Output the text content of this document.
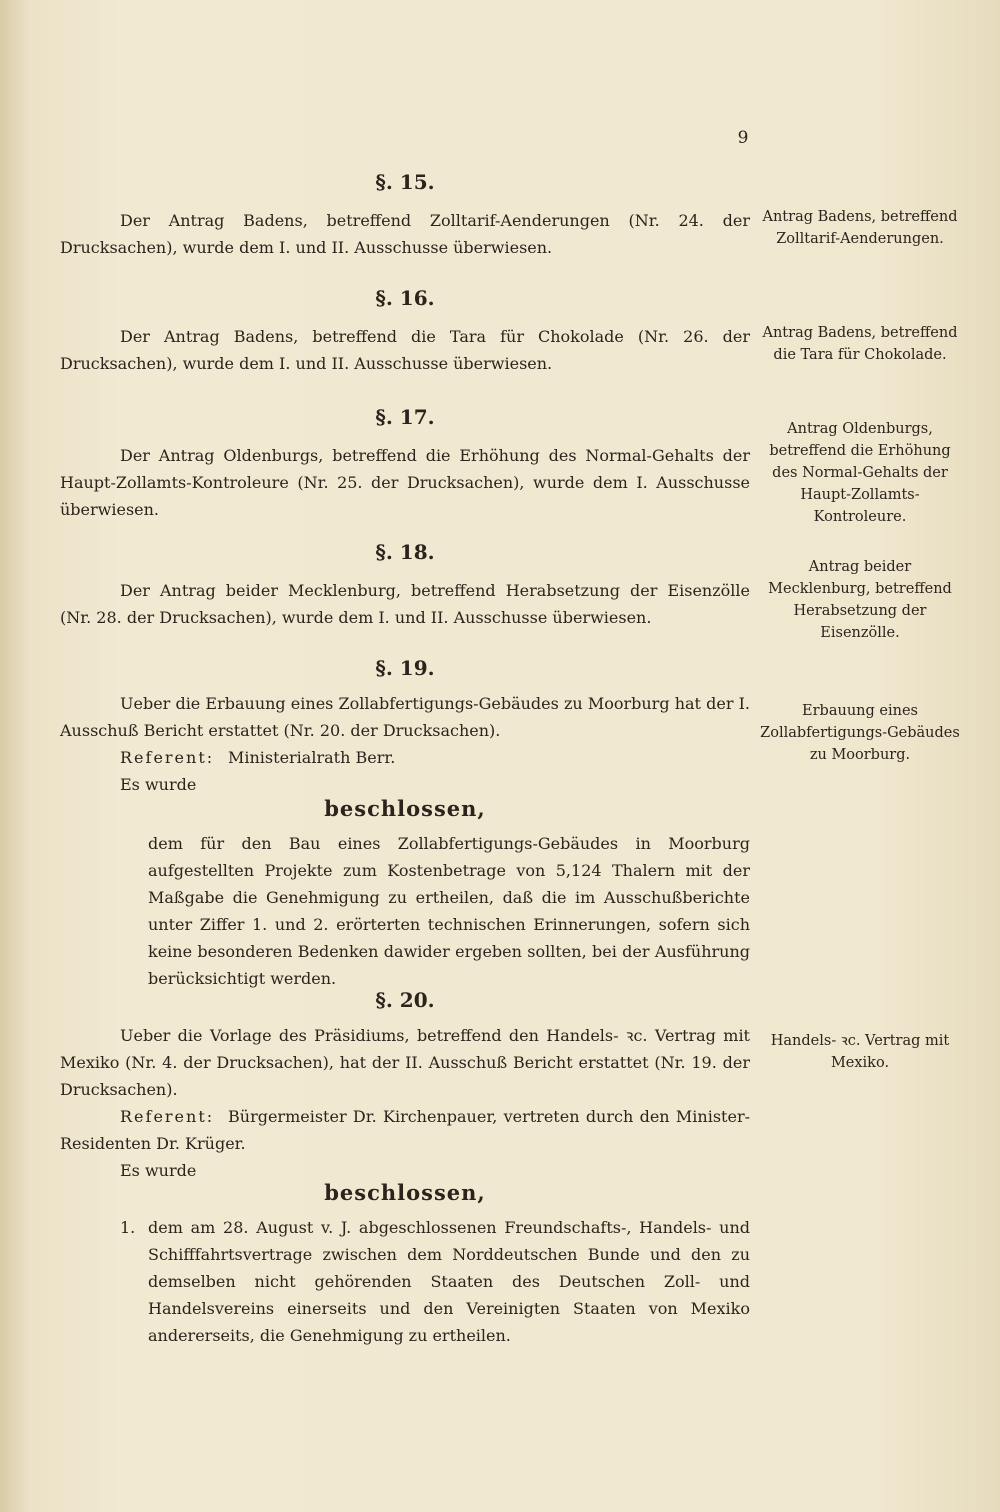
9
§. 15.
Der Antrag Badens, betreffend Zolltarif-Aenderungen (Nr. 24. der Drucksachen), wurde dem I. und II. Ausschusse überwiesen.
Antrag Badens, betreffend Zolltarif-Aenderungen.
§. 16.
Der Antrag Badens, betreffend die Tara für Chokolade (Nr. 26. der Drucksachen), wurde dem I. und II. Ausschusse überwiesen.
Antrag Badens, betreffend die Tara für Chokolade.
§. 17.
Der Antrag Oldenburgs, betreffend die Erhöhung des Normal-Gehalts der Haupt-Zollamts-Kontroleure (Nr. 25. der Drucksachen), wurde dem I. Ausschusse überwiesen.
Antrag Oldenburgs, betreffend die Erhöhung des Normal-Gehalts der Haupt-Zollamts-Kontroleure.
§. 18.
Der Antrag beider Mecklenburg, betreffend Herabsetzung der Eisenzölle (Nr. 28. der Drucksachen), wurde dem I. und II. Ausschusse überwiesen.
Antrag beider Mecklenburg, betreffend Herabsetzung der Eisenzölle.
§. 19.
Ueber die Erbauung eines Zollabfertigungs-Gebäudes zu Moorburg hat der I. Ausschuß Bericht erstattet (Nr. 20. der Drucksachen).
Referent: Ministerialrath Berr.
Es wurde
beschlossen,
dem für den Bau eines Zollabfertigungs-Gebäudes in Moorburg aufgestellten Projekte zum Kostenbetrage von 5,124 Thalern mit der Maßgabe die Genehmigung zu ertheilen, daß die im Ausschußberichte unter Ziffer 1. und 2. erörterten technischen Erinnerungen, sofern sich keine besonderen Bedenken dawider ergeben sollten, bei der Ausführung berücksichtigt werden.
Erbauung eines Zollabfertigungs-Gebäudes zu Moorburg.
§. 20.
Ueber die Vorlage des Präsidiums, betreffend den Handels- ꝛc. Vertrag mit Mexiko (Nr. 4. der Drucksachen), hat der II. Ausschuß Bericht erstattet (Nr. 19. der Drucksachen).
Referent: Bürgermeister Dr. Kirchenpauer, vertreten durch den Minister-Residenten Dr. Krüger.
Es wurde
beschlossen,
1. dem am 28. August v. J. abgeschlossenen Freundschafts-, Handels- und Schifffahrtsvertrage zwischen dem Norddeutschen Bunde und den zu demselben nicht gehörenden Staaten des Deutschen Zoll- und Handelsvereins einerseits und den Vereinigten Staaten von Mexiko andererseits, die Genehmigung zu ertheilen.
Handels- ꝛc. Vertrag mit Mexiko.
